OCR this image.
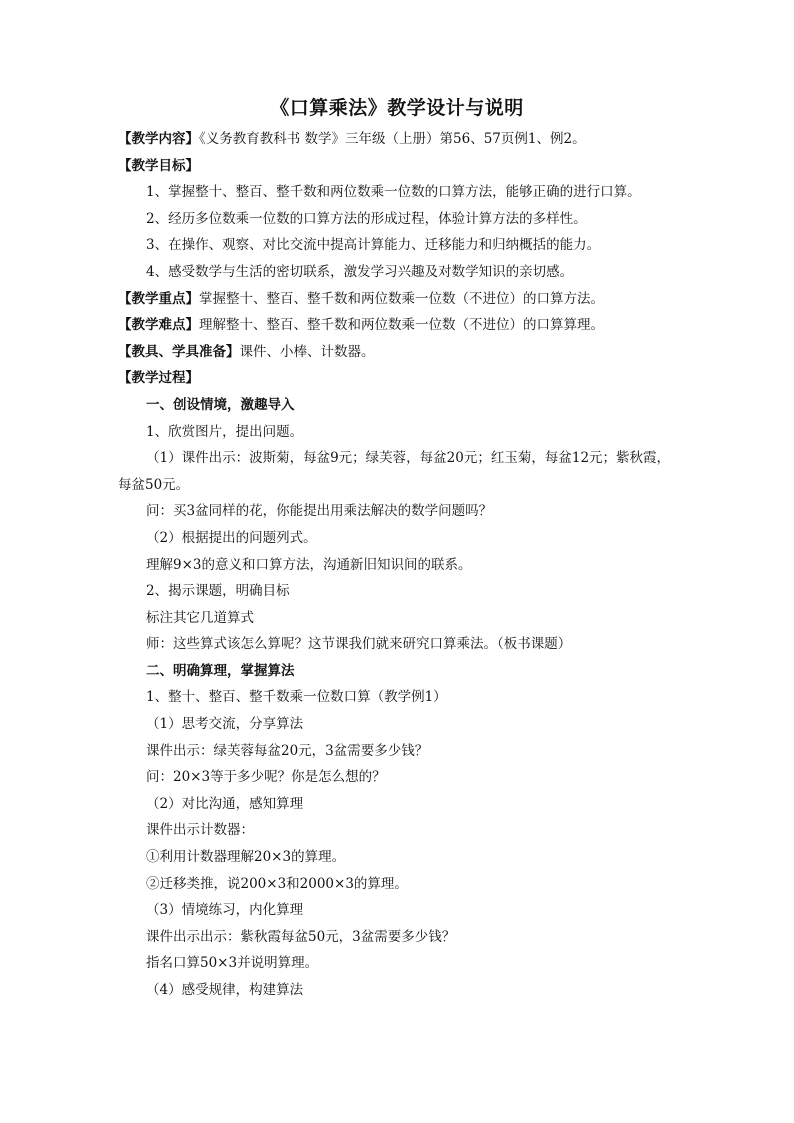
《口算乘法》教学设计与说明
【教学内容】《义务教育教科书 数学》三年级（上册）第56、57页例1、例2。
【教学目标】
1、掌握整十、整百、整千数和两位数乘一位数的口算方法，能够正确的进行口算。
2、经历多位数乘一位数的口算方法的形成过程，体验计算方法的多样性。
3、在操作、观察、对比交流中提高计算能力、迁移能力和归纳概括的能力。
4、感受数学与生活的密切联系，激发学习兴趣及对数学知识的亲切感。
【教学重点】掌握整十、整百、整千数和两位数乘一位数（不进位）的口算方法。
【教学难点】理解整十、整百、整千数和两位数乘一位数（不进位）的口算算理。
【教具、学具准备】课件、小棒、计数器。
【教学过程】
一、创设情境，激趣导入
1、欣赏图片，提出问题。
（1）课件出示：波斯菊，每盆9元；绿芙蓉，每盆20元；红玉菊，每盆12元；紫秋霞，每盆50元。
问：买3盆同样的花，你能提出用乘法解决的数学问题吗？
（2）根据提出的问题列式。
理解9×3的意义和口算方法，沟通新旧知识间的联系。
2、揭示课题，明确目标
标注其它几道算式
师：这些算式该怎么算呢？这节课我们就来研究口算乘法。（板书课题）
二、明确算理，掌握算法
1、整十、整百、整千数乘一位数口算（教学例1）
（1）思考交流，分享算法
课件出示：绿芙蓉每盆20元，3盆需要多少钱？
问：20×3等于多少呢？你是怎么想的？
（2）对比沟通，感知算理
课件出示计数器：
①利用计数器理解20×3的算理。
②迁移类推，说200×3和2000×3的算理。
（3）情境练习，内化算理
课件出示出示：紫秋霞每盆50元，3盆需要多少钱？
指名口算50×3并说明算理。
（4）感受规律，构建算法
